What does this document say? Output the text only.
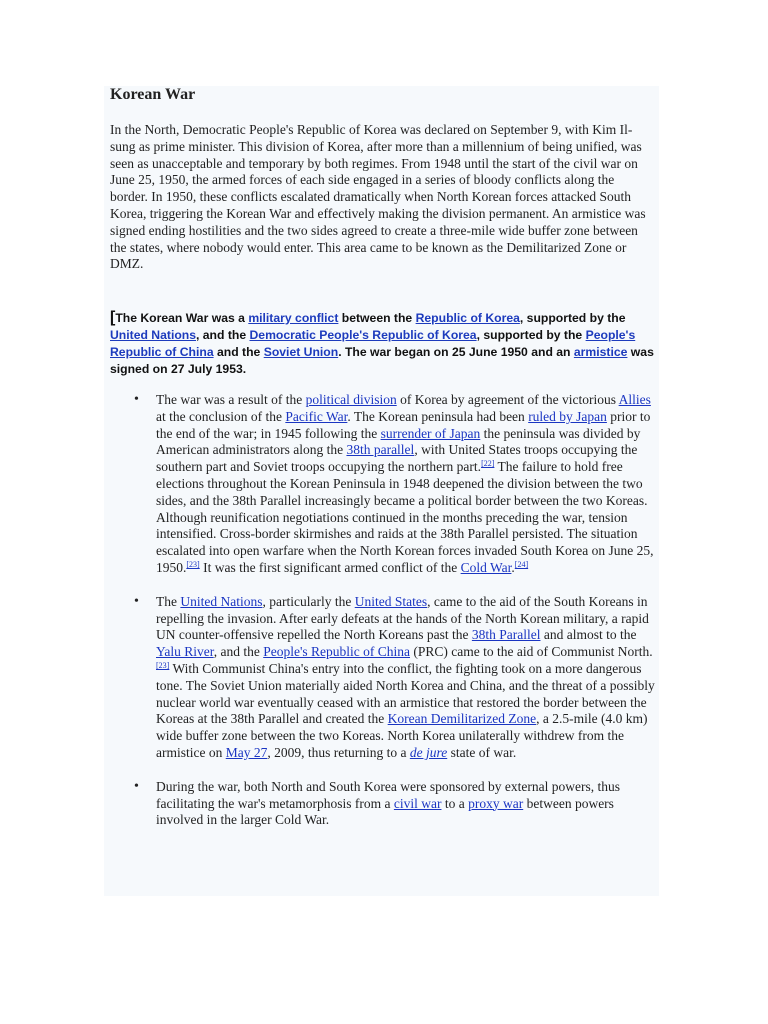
Korean War

In the North, Democratic People's Republic of Korea was declared on September 9, with Kim Il-sung as prime minister. This division of Korea, after more than a millennium of being unified, was seen as unacceptable and temporary by both regimes. From 1948 until the start of the civil war on June 25, 1950, the armed forces of each side engaged in a series of bloody conflicts along the border. In 1950, these conflicts escalated dramatically when North Korean forces attacked South Korea, triggering the Korean War and effectively making the division permanent. An armistice was signed ending hostilities and the two sides agreed to create a three-mile wide buffer zone between the states, where nobody would enter. This area came to be known as the Demilitarized Zone or DMZ.

[The Korean War was a military conflict between the Republic of Korea, supported by the United Nations, and the Democratic People's Republic of Korea, supported by the People's Republic of China and the Soviet Union. The war began on 25 June 1950 and an armistice was signed on 27 July 1953.

• The war was a result of the political division of Korea by agreement of the victorious Allies at the conclusion of the Pacific War. The Korean peninsula had been ruled by Japan prior to the end of the war; in 1945 following the surrender of Japan the peninsula was divided by American administrators along the 38th parallel, with United States troops occupying the southern part and Soviet troops occupying the northern part.[22] The failure to hold free elections throughout the Korean Peninsula in 1948 deepened the division between the two sides, and the 38th Parallel increasingly became a political border between the two Koreas. Although reunification negotiations continued in the months preceding the war, tension intensified. Cross-border skirmishes and raids at the 38th Parallel persisted. The situation escalated into open warfare when the North Korean forces invaded South Korea on June 25, 1950.[23] It was the first significant armed conflict of the Cold War.[24]
• The United Nations, particularly the United States, came to the aid of the South Koreans in repelling the invasion. After early defeats at the hands of the North Korean military, a rapid UN counter-offensive repelled the North Koreans past the 38th Parallel and almost to the Yalu River, and the People's Republic of China (PRC) came to the aid of Communist North.[23] With Communist China's entry into the conflict, the fighting took on a more dangerous tone. The Soviet Union materially aided North Korea and China, and the threat of a possibly nuclear world war eventually ceased with an armistice that restored the border between the Koreas at the 38th Parallel and created the Korean Demilitarized Zone, a 2.5-mile (4.0 km) wide buffer zone between the two Koreas. North Korea unilaterally withdrew from the armistice on May 27, 2009, thus returning to a de jure state of war.
• During the war, both North and South Korea were sponsored by external powers, thus facilitating the war's metamorphosis from a civil war to a proxy war between powers involved in the larger Cold War.
